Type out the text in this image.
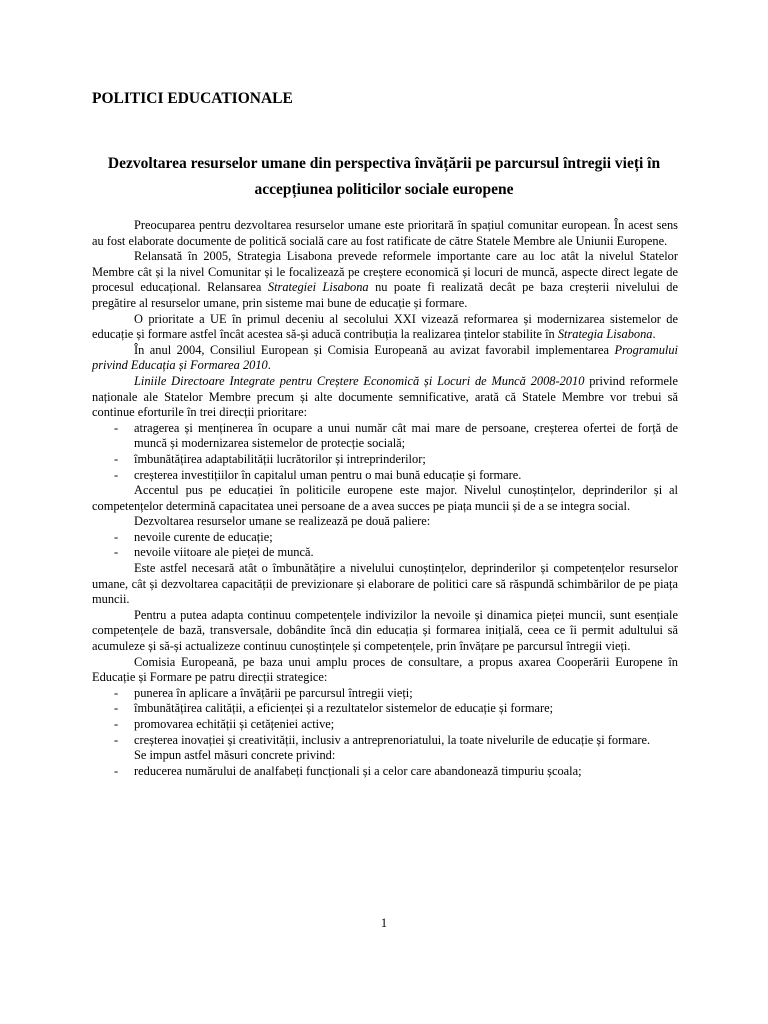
POLITICI EDUCATIONALE
Dezvoltarea resurselor umane din perspectiva învățării pe parcursul întregii vieți în accepțiunea politicilor sociale europene

Preocuparea pentru dezvoltarea resurselor umane este prioritară în spațiul comunitar european. În acest sens au fost elaborate documente de politică socială care au fost ratificate de către Statele Membre ale Uniunii Europene.

Relansată în 2005, Strategia Lisabona prevede reformele importante care au loc atât la nivelul Statelor Membre cât și la nivel Comunitar și le focalizează pe creștere economică și locuri de muncă, aspecte direct legate de procesul educațional. Relansarea Strategiei Lisabona nu poate fi realizată decât pe baza creșterii nivelului de pregătire al resurselor umane, prin sisteme mai bune de educație și formare.

O prioritate a UE în primul deceniu al secolului XXI vizează reformarea și modernizarea sistemelor de educație și formare astfel încât acestea să-și aducă contribuția la realizarea țintelor stabilite în Strategia Lisabona.

În anul 2004, Consiliul European și Comisia Europeană au avizat favorabil implementarea Programului privind Educația și Formarea 2010.

Liniile Directoare Integrate pentru Creștere Economică și Locuri de Muncă 2008-2010 privind reformele naționale ale Statelor Membre precum și alte documente semnificative, arată că Statele Membre vor trebui să continue eforturile în trei direcții prioritare:

- atragerea și menținerea în ocupare a unui număr cât mai mare de persoane, creșterea ofertei de forță de muncă și modernizarea sistemelor de protecție socială;
- îmbunătățirea adaptabilității lucrătorilor și intreprinderilor;
- creșterea investițiilor în capitalul uman pentru o mai bună educație și formare.

Accentul pus pe educației în politicile europene este major. Nivelul cunoștințelor, deprinderilor și al competențelor determină capacitatea unei persoane de a avea succes pe piața muncii și de a se integra social.

Dezvoltarea resurselor umane se realizează pe două paliere:

- nevoile curente de educație;
- nevoile viitoare ale pieței de muncă.

Este astfel necesară atât o îmbunătățire a nivelului cunoștințelor, deprinderilor și competențelor resurselor umane, cât și dezvoltarea capacității de previzionare și elaborare de politici care să răspundă schimbărilor de pe piața muncii.

Pentru a putea adapta continuu competențele indivizilor la nevoile și dinamica pieței muncii, sunt esențiale competențele de bază, transversale, dobândite încă din educația și formarea inițială, ceea ce îi permit adultului să acumuleze și să-și actualizeze continuu cunoștințele și competențele, prin învățare pe parcursul întregii vieți.

Comisia Europeană, pe baza unui amplu proces de consultare, a propus axarea Cooperării Europene în Educație și Formare pe patru direcții strategice:

- punerea în aplicare a învățării pe parcursul întregii vieți;
- îmbunătățirea calității, a eficienței și a rezultatelor sistemelor de educație și formare;
- promovarea echității și cetățeniei active;
- creșterea inovației și creativității, inclusiv a antreprenoriatului, la toate nivelurile de educație și formare.

Se impun astfel măsuri concrete privind:

- reducerea numărului de analfabeți funcționali și a celor care abandonează timpuriu școala;
1
